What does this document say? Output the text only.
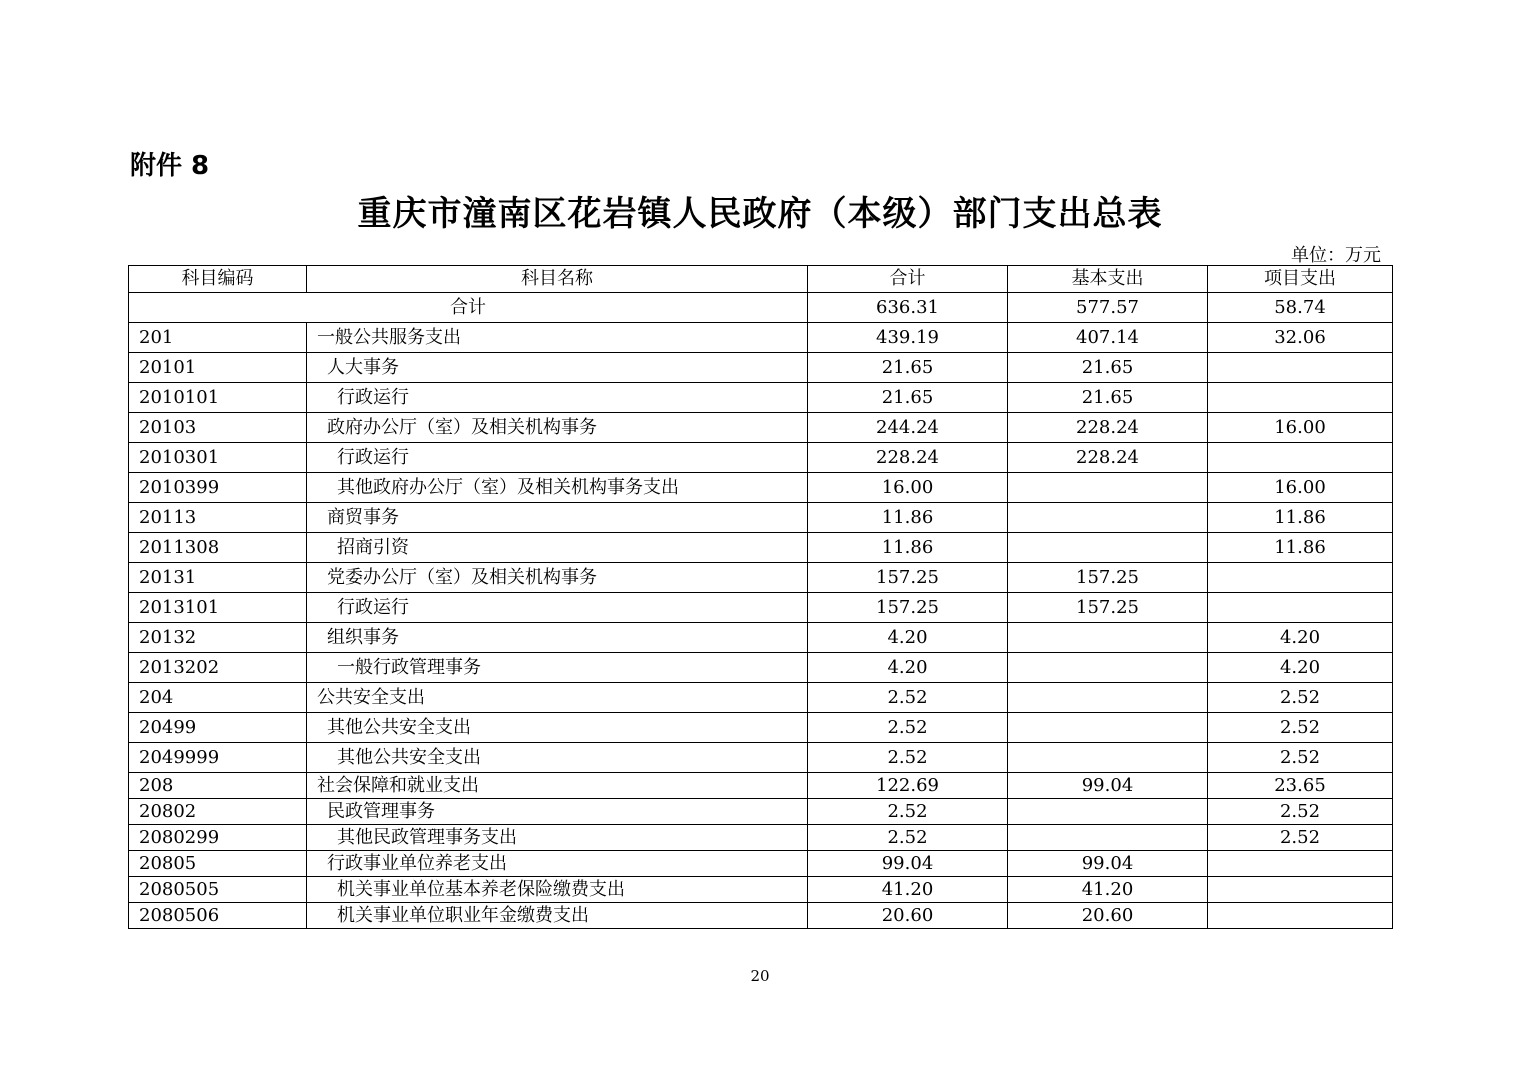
附件 8
重庆市潼南区花岩镇人民政府（本级）部门支出总表
单位：万元
科目编码	科目名称	合计	基本支出	项目支出
合计		636.31	577.57	58.74
201	一般公共服务支出	439.19	407.14	32.06
20101	人大事务	21.65	21.65	
2010101	行政运行	21.65	21.65	
20103	政府办公厅（室）及相关机构事务	244.24	228.24	16.00
2010301	行政运行	228.24	228.24	
2010399	其他政府办公厅（室）及相关机构事务支出	16.00		16.00
20113	商贸事务	11.86		11.86
2011308	招商引资	11.86		11.86
20131	党委办公厅（室）及相关机构事务	157.25	157.25	
2013101	行政运行	157.25	157.25	
20132	组织事务	4.20		4.20
2013202	一般行政管理事务	4.20		4.20
204	公共安全支出	2.52		2.52
20499	其他公共安全支出	2.52		2.52
2049999	其他公共安全支出	2.52		2.52
208	社会保障和就业支出	122.69	99.04	23.65
20802	民政管理事务	2.52		2.52
2080299	其他民政管理事务支出	2.52		2.52
20805	行政事业单位养老支出	99.04	99.04	
2080505	机关事业单位基本养老保险缴费支出	41.20	41.20	
2080506	机关事业单位职业年金缴费支出	20.60	20.60	
20
